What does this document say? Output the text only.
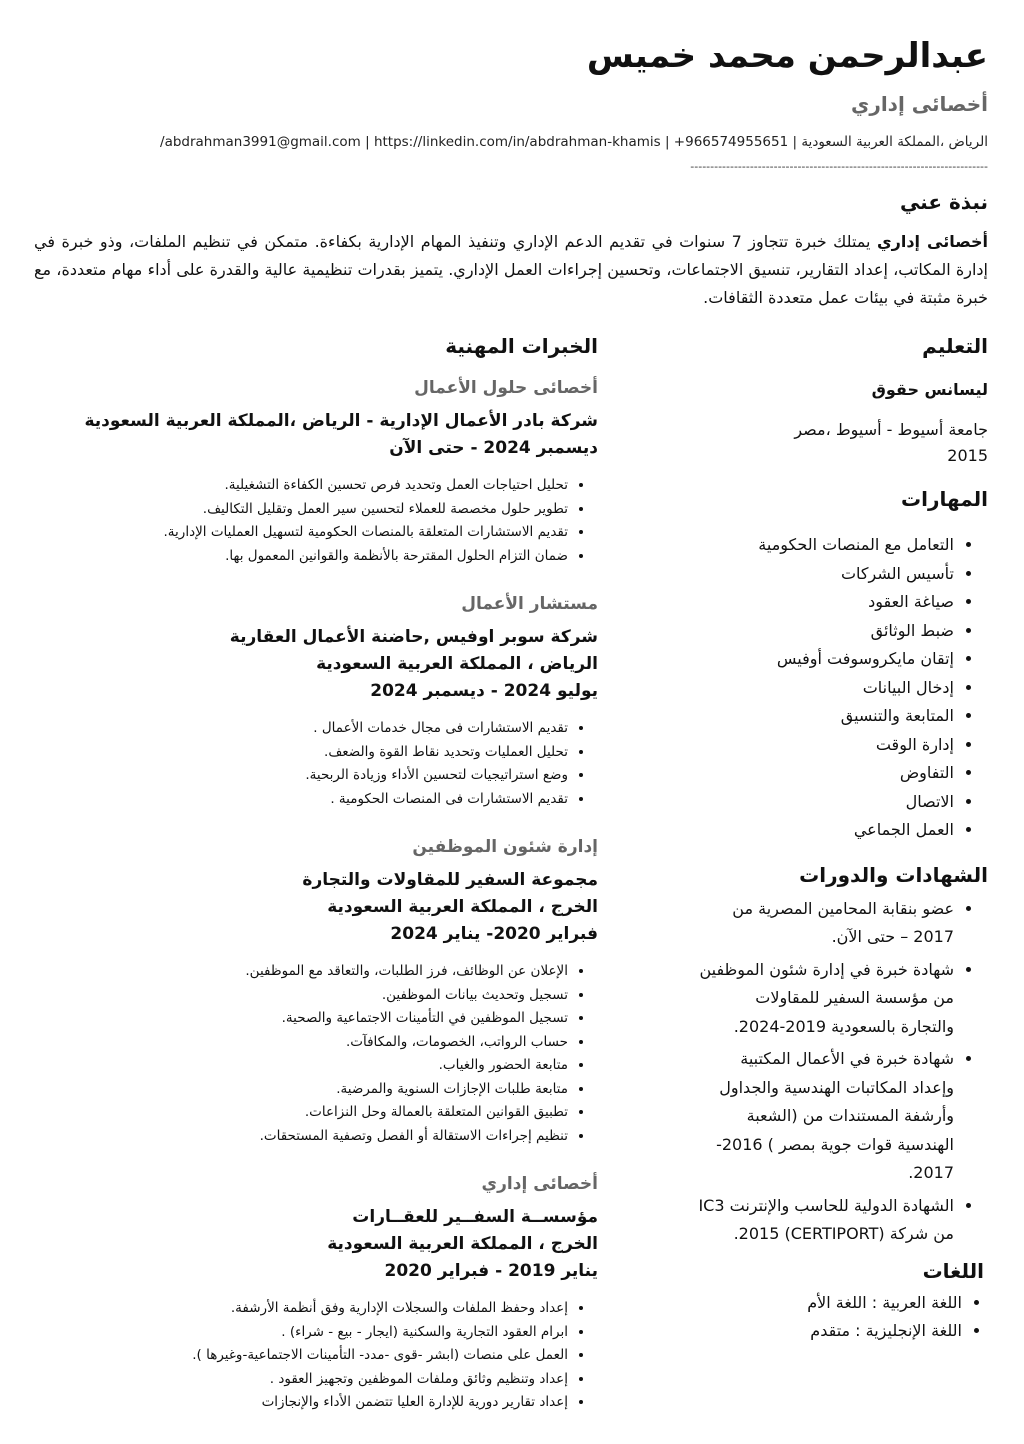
عبدالرحمن محمد خميس
أخصائى إداري
الرياض ،المملكة العربية السعودية | 966574955651+ | abdrahman3991@gmail.com | https://linkedin.com/in/abdrahman-khamis/
---------------------------------------------------------------------------
نبذة عني

أخصائى إداري يمتلك خبرة تتجاوز 7 سنوات في تقديم الدعم الإداري وتنفيذ المهام الإدارية بكفاءة. متمكن في تنظيم الملفات، وذو خبرة في إدارة المكاتب، إعداد التقارير، تنسيق الاجتماعات، وتحسين إجراءات العمل الإداري. يتميز بقدرات تنظيمية عالية والقدرة على أداء مهام متعددة، مع خبرة مثبتة في بيئات عمل متعددة الثقافات.

التعليم

ليسانس حقوق

جامعة أسيوط - أسيوط ،مصر

2015

المهارات
• التعامل مع المنصات الحكومية
• تأسيس الشركات
• صياغة العقود
• ضبط الوثائق
• إتقان مايكروسوفت أوفيس
• إدخال البيانات
• المتابعة والتنسيق
• إدارة الوقت
• التفاوض
• الاتصال
• العمل الجماعي
الشهادات والدورات
• عضو بنقابة المحامين المصرية من 2017 – حتى الآن.
• شهادة خبرة في إدارة شئون الموظفين من مؤسسة السفير للمقاولات والتجارة بالسعودية 2019-2024.
• شهادة خبرة في الأعمال المكتبية وإعداد المكاتبات الهندسية والجداول وأرشفة المستندات من (الشعبة الهندسية قوات جوية بمصر ) 2016-2017.
• الشهادة الدولية للحاسب والإنترنت IC3 من شركة (CERTIPORT) 2015.
اللغات
• اللغة العربية : اللغة الأم
• اللغة الإنجليزية : متقدم
الخبرات المهنية
أخصائى حلول الأعمال
شركة بادر الأعمال الإدارية - الرياض ،المملكة العربية السعودية
ديسمبر 2024 - حتى الآن
• تحليل احتياجات العمل وتحديد فرص تحسين الكفاءة التشغيلية.
• تطوير حلول مخصصة للعملاء لتحسين سير العمل وتقليل التكاليف.
• تقديم الاستشارات المتعلقة بالمنصات الحكومية لتسهيل العمليات الإدارية.
• ضمان التزام الحلول المقترحة بالأنظمة والقوانين المعمول بها.
مستشار الأعمال
شركة سوبر اوفيس ,حاضنة الأعمال العقارية
الرياض ، المملكة العربية السعودية
يوليو 2024 - ديسمبر 2024
• تقديم الاستشارات فى مجال خدمات الأعمال .
• تحليل العمليات وتحديد نقاط القوة والضعف.
• وضع استراتيجيات لتحسين الأداء وزيادة الربحية.
• تقديم الاستشارات فى المنصات الحكومية .
إدارة شئون الموظفين
مجموعة السفير للمقاولات والتجارة
الخرج ، المملكة العربية السعودية
فبراير 2020- يناير 2024
• الإعلان عن الوظائف، فرز الطلبات، والتعاقد مع الموظفين.
• تسجيل وتحديث بيانات الموظفين.
• تسجيل الموظفين في التأمينات الاجتماعية والصحية.
• حساب الرواتب، الخصومات، والمكافآت.
• متابعة الحضور والغياب.
• متابعة طلبات الإجازات السنوية والمرضية.
• تطبيق القوانين المتعلقة بالعمالة وحل النزاعات.
• تنظيم إجراءات الاستقالة أو الفصل وتصفية المستحقات.
أخصائى إداري
مؤسســة السفــير للعقــارات
الخرج ، المملكة العربية السعودية
يناير 2019 - فبراير 2020
• إعداد وحفظ الملفات والسجلات الإدارية وفق أنظمة الأرشفة.
• ابرام العقود التجارية والسكنية (ايجار - بيع - شراء) .
• العمل على منصات (ابشر -قوى -مدد- التأمينات الاجتماعية-وغيرها ).
• إعداد وتنظيم وثائق وملفات الموظفين وتجهيز العقود .
• إعداد تقارير دورية للإدارة العليا تتضمن الأداء والإنجازات
